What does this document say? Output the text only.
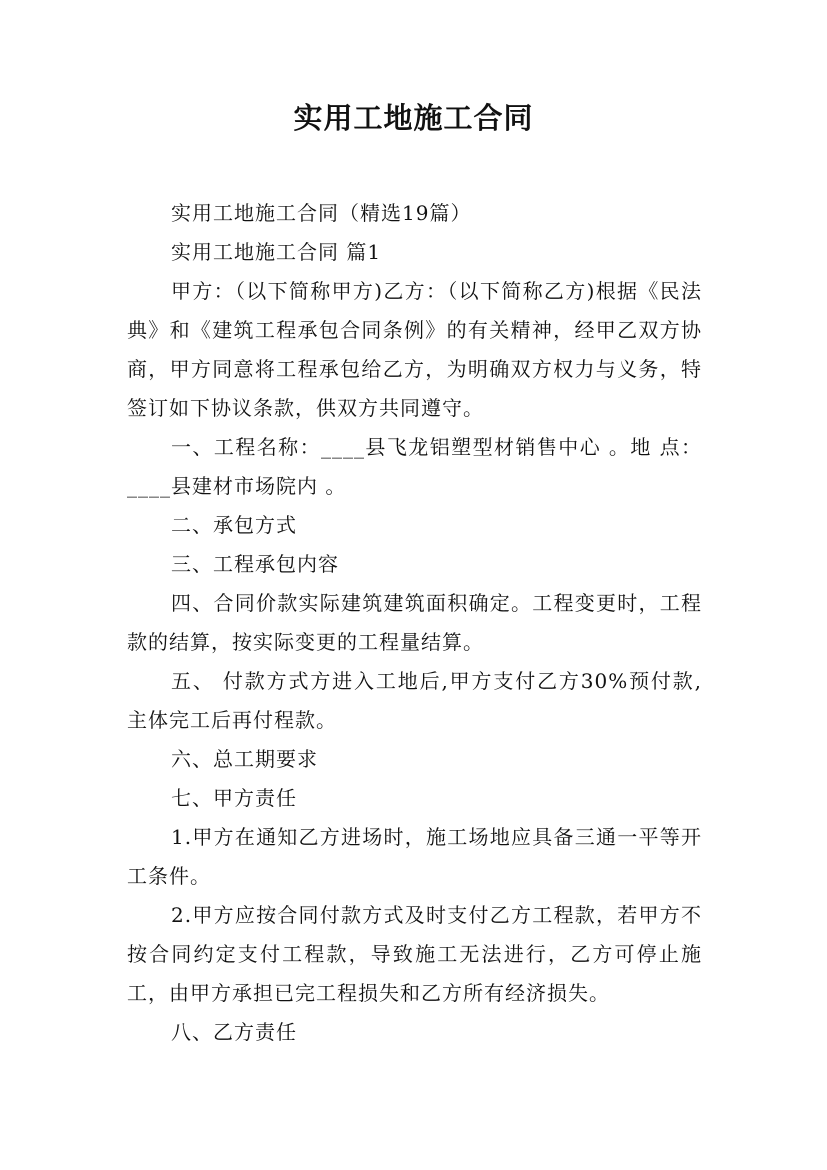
实用工地施工合同

实用工地施工合同（精选19篇）

实用工地施工合同 篇1

甲方：（以下简称甲方)乙方：（以下简称乙方)根据《民法典》和《建筑工程承包合同条例》的有关精神，经甲乙双方协商，甲方同意将工程承包给乙方，为明确双方权力与义务，特签订如下协议条款，供双方共同遵守。

一、工程名称：____县飞龙铝塑型材销售中心 。地 点：____县建材市场院内 。

二、承包方式

三、工程承包内容

四、合同价款实际建筑建筑面积确定。工程变更时，工程款的结算，按实际变更的工程量结算。

五、 付款方式方进入工地后,甲方支付乙方30%预付款,主体完工后再付程款。

六、总工期要求

七、甲方责任

1.甲方在通知乙方进场时，施工场地应具备三通一平等开工条件。

2.甲方应按合同付款方式及时支付乙方工程款，若甲方不按合同约定支付工程款，导致施工无法进行，乙方可停止施工，由甲方承担已完工程损失和乙方所有经济损失。

八、乙方责任
